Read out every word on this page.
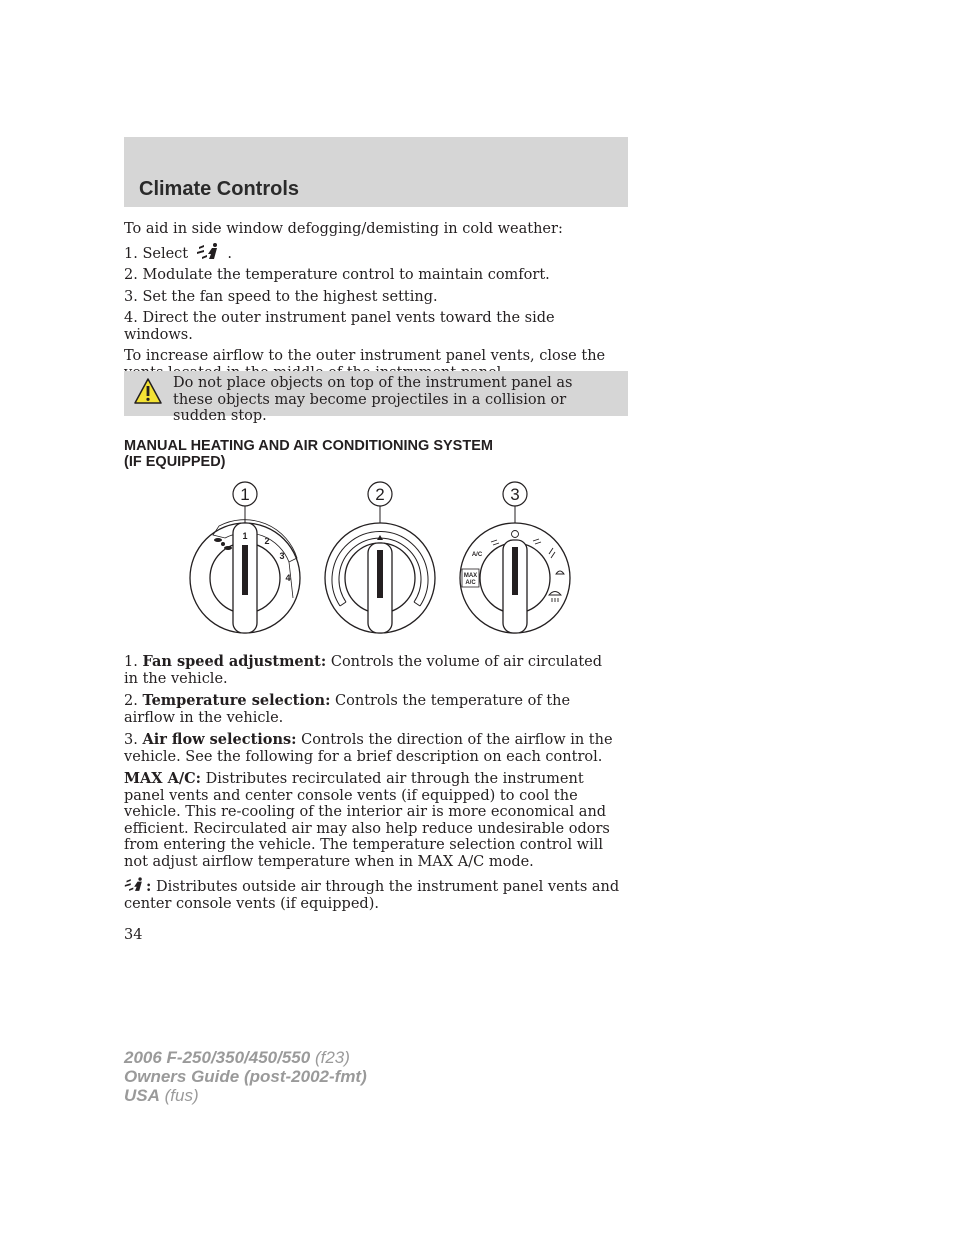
Climate Controls

To aid in side window defogging/demisting in cold weather:

1. Select	.

2. Modulate the temperature control to maintain comfort.

3. Set the fan speed to the highest setting.

4. Direct the outer instrument panel vents toward the side windows.

To increase airflow to the outer instrument panel vents, close the

Do not place objects on top of the instrument panel as these objects may become projectiles in a collision or sudden stop.
MANUAL HEATING AND AIR CONDITIONING SYSTEM
(IF EQUIPPED)
1	2	3
1 2
3
4
A/C
MAX
A/C

1. Fan speed adjustment: Controls the volume of air circulated in the vehicle.

2. Temperature selection: Controls the temperature of the airflow in the vehicle.

3. Air flow selections: Controls the direction of the airflow in the vehicle. See the following for a brief description on each control.

MAX A/C: Distributes recirculated air through the instrument panel vents and center console vents (if equipped) to cool the vehicle. This re-cooling of the interior air is more economical and efficient. Recirculated air may also help reduce undesirable odors from entering the vehicle. The temperature selection control will not adjust airflow temperature when in MAX A/C mode.

: Distributes outside air through the instrument panel vents and center console vents (if equipped).

34
2006 F-250/350/450/550 (f23)
Owners Guide (post-2002-fmt)
USA (fus)
